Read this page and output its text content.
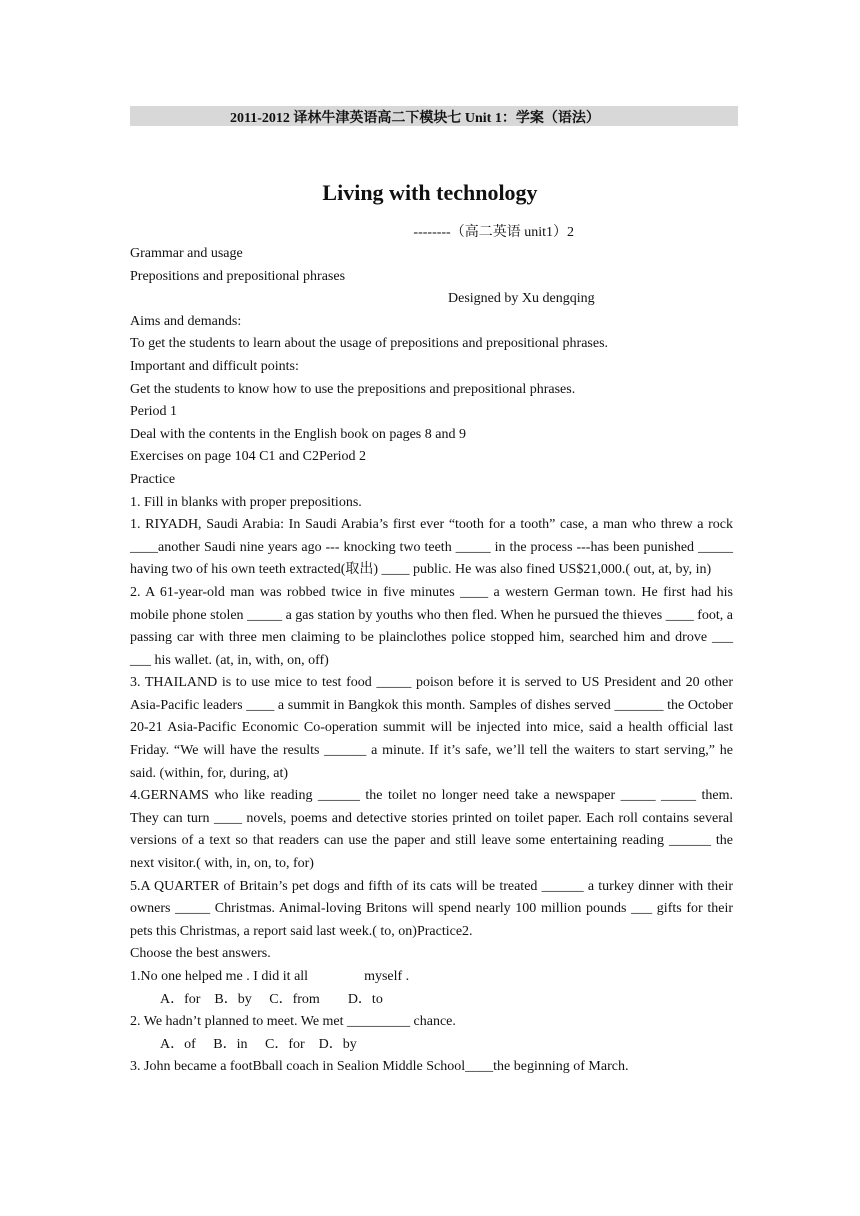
2011-2012 译林牛津英语高二下模块七 Unit 1：学案（语法）
Living with technology
--------（高二英语 unit1）2

Grammar and usage

Prepositions and prepositional phrases

Designed by Xu dengqing

Aims and demands:

To get the students to learn about the usage of prepositions and prepositional phrases.

Important and difficult points:

Get the students to know how to use the prepositions and prepositional phrases.

Period 1

Deal with the contents in the English book on pages 8 and 9

Exercises on page 104 C1 and C2Period 2

Practice

1. Fill in blanks with proper prepositions.

1. RIYADH, Saudi Arabia: In Saudi Arabia’s first ever “tooth for a tooth” case, a man who threw a rock ____another Saudi nine years ago --- knocking two teeth _____ in the process ---has been punished _____ having two of his own teeth extracted(取出) ____ public. He was also fined US$21,000.( out, at, by, in)

2. A 61-year-old man was robbed twice in five minutes ____ a western German town. He first had his mobile phone stolen _____ a gas station by youths who then fled. When he pursued the thieves ____ foot, a passing car with three men claiming to be plainclothes police stopped him, searched him and drove ___ ___ his wallet. (at, in, with, on, off)

3. THAILAND is to use mice to test food _____ poison before it is served to US President and 20 other Asia-Pacific leaders ____ a summit in Bangkok this month. Samples of dishes served _______ the October 20-21 Asia-Pacific Economic Co-operation summit will be injected into mice, said a health official last Friday. “We will have the results ______ a minute. If it’s safe, we’ll tell the waiters to start serving,” he said. (within, for, during, at)

4.GERNAMS who like reading ______ the toilet no longer need take a newspaper _____ _____ them. They can turn ____ novels, poems and detective stories printed on toilet paper. Each roll contains several versions of a text so that readers can use the paper and still leave some entertaining reading ______ the next visitor.( with, in, on, to, for)

5.A QUARTER of Britain’s pet dogs and fifth of its cats will be treated ______ a turkey dinner with their owners _____ Christmas. Animal-loving Britons will spend nearly 100 million pounds ___ gifts for their pets this Christmas, a report said last week.( to, on)Practice2.

Choose the best answers.

1.No one helped me . I did it all                myself .

A．for    B．by     C．from        D．to

2. We hadn’t planned to meet. We met _________ chance.

A．of     B．in     C．for    D．by

3. John became a footBball coach in Sealion Middle School____the beginning of March.
